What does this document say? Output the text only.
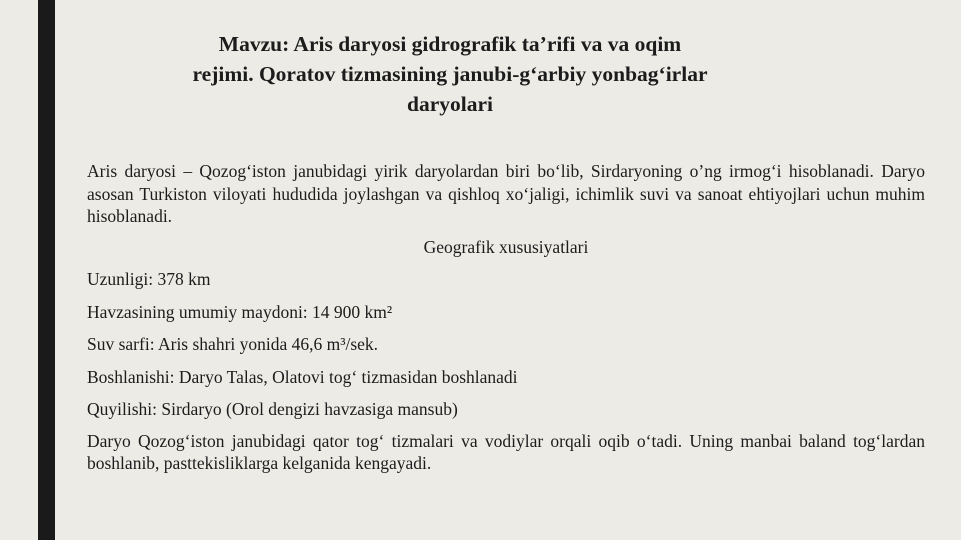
Mavzu: Aris daryosi gidrografik ta’rifi va va oqim
rejimi. Qoratov tizmasining janubi-g‘arbiy yonbag‘irlar
daryolari

Aris daryosi – Qozog‘iston janubidagi yirik daryolardan biri bo‘lib, Sirdaryoning o’ng irmog‘i hisoblanadi. Daryo asosan Turkiston viloyati hududida joylashgan va qishloq xo‘jaligi, ichimlik suvi va sanoat ehtiyojlari uchun muhim hisoblanadi.

Geografik xususiyatlari
Uzunligi: 378 km
Havzasining umumiy maydoni: 14 900 km²
Suv sarfi: Aris shahri yonida 46,6 m³/sek.
Boshlanishi: Daryo Talas, Olatovi tog‘ tizmasidan boshlanadi
Quyilishi: Sirdaryo (Orol dengizi havzasiga mansub)

Daryo Qozog‘iston janubidagi qator tog‘ tizmalari va vodiylar orqali oqib o‘tadi. Uning manbai baland tog‘lardan boshlanib, pasttekisliklarga kelganida kengayadi.
